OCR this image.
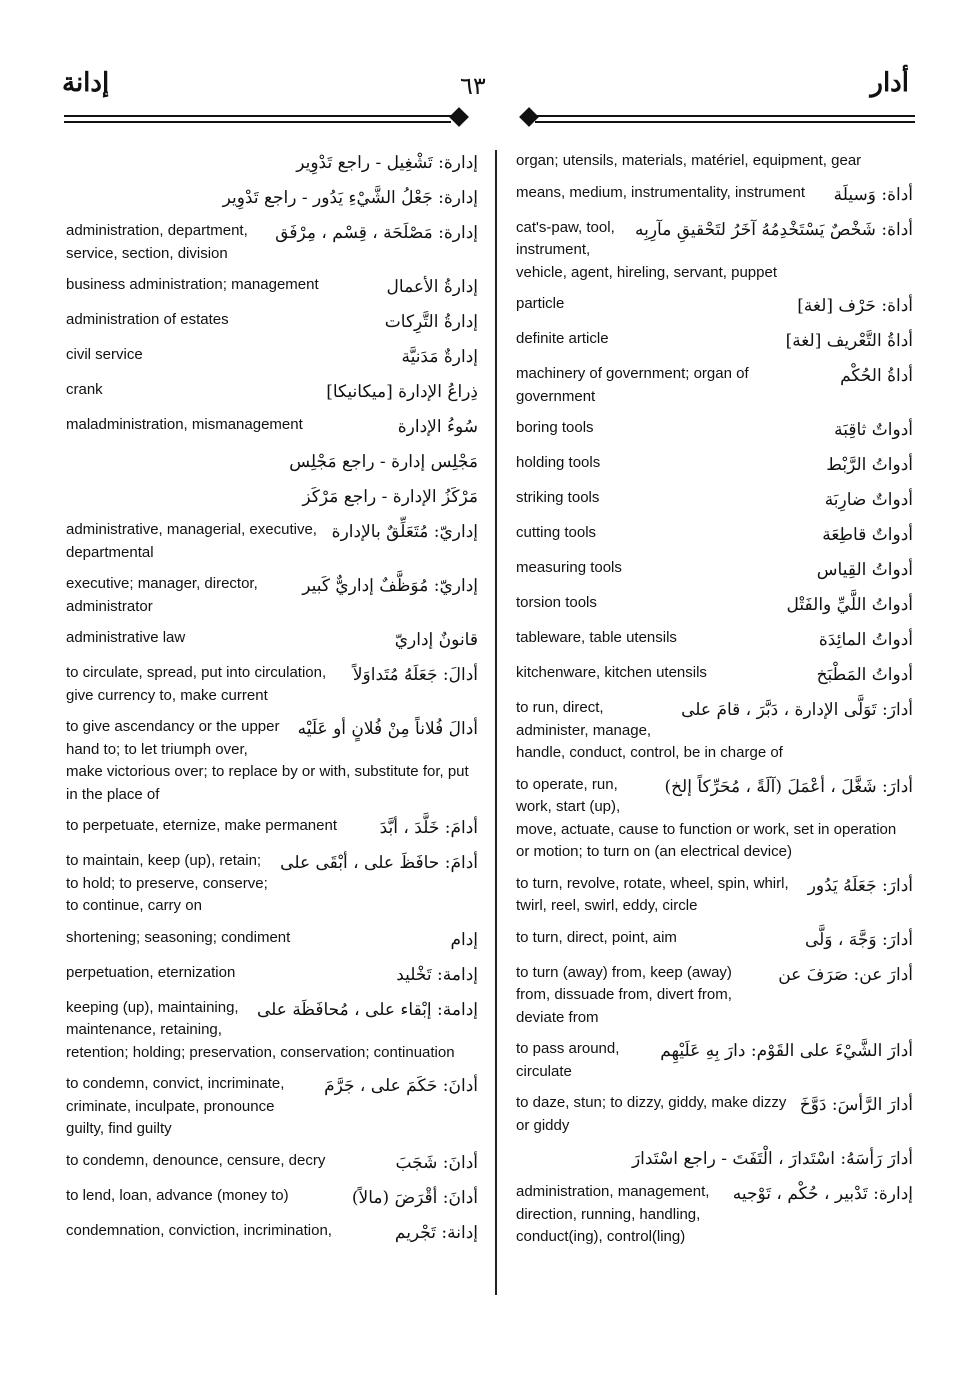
إدانة	٦٣	أدار
إدارة: تَشْغِيل - راجع تَدْوِير
إدارة: جَعْلُ الشَّيْءِ يَدُور - راجع تَدْوِير
إدارة: مَصْلَحَة ، قِسْم ، مِرْفَق
administration, department, service, section, division
إدارةُ الأعمال
business administration; management
إدارةُ التَّرِكات
administration of estates
إدارةٌ مَدَنيَّة
civil service
ذِراعُ الإدارة [ميكانيكا]
crank
سُوءُ الإدارة
maladministration, mismanagement
مَجْلِس إدارة - راجع مَجْلِس
مَرْكَزُ الإدارة - راجع مَرْكَز
إداريّ: مُتَعَلِّقٌ بالإدارة
administrative, managerial, executive, departmental
إداريّ: مُوَظَّفٌ إداريٌّ كَبير
executive; manager, director, administrator
قانونٌ إداريّ
administrative law
أدالَ: جَعَلَهُ مُتَداوَلاً
to circulate, spread, put into circulation, give currency to, make current
أدالَ فُلاناً مِنْ فُلانٍ أو عَلَيْه
to give ascendancy or the upper hand to; to let triumph over, make victorious over; to replace by or with, substitute for, put in the place of
أدامَ: خَلَّدَ ، أبَّدَ
to perpetuate, eternize, make permanent
أدامَ: حافَظَ على ، أبْقَى على
to maintain, keep (up), retain; to hold; to preserve, conserve; to continue, carry on
إدام
shortening; seasoning; condiment
إدامة: تَخْليد
perpetuation, eternization
إدامة: إبْقاء على ، مُحافَظَة على
keeping (up), maintaining, maintenance, retaining, retention; holding; preservation, conservation; continuation
أدانَ: حَكَمَ على ، جَرَّمَ
to condemn, convict, incriminate, criminate, inculpate, pronounce guilty, find guilty
أدانَ: شَجَبَ
to condemn, denounce, censure, decry
أدانَ: أقْرَضَ (مالاً)
to lend, loan, advance (money to)
إدانة: تَجْريم
condemnation, conviction, incrimination,
organ; utensils, materials, matériel, equipment, gear
أداة: وَسيلَة
means, medium, instrumentality, instrument
أداة: شَخْصٌ يَسْتَخْدِمُهُ آخَرُ لتَحْقيقِ مآرِبِه
cat's-paw, tool, instrument, vehicle, agent, hireling, servant, puppet
أداة: حَرْف [لغة]
particle
أداةُ التَّعْريف [لغة]
definite article
أداةُ الحُكْم
machinery of government; organ of government
أدواتٌ ثاقِبَة
boring tools
أدواتُ الرَّبْط
holding tools
أدواتٌ ضارِبَة
striking tools
أدواتٌ قاطِعَة
cutting tools
أدواتُ القِياس
measuring tools
أدواتُ اللَّيِّ والفَتْل
torsion tools
أدواتُ المائِدَة
tableware, table utensils
أدواتُ المَطْبَخ
kitchenware, kitchen utensils
أدارَ: تَوَلَّى الإدارة ، دَبَّرَ ، قامَ على
to run, direct, administer, manage, handle, conduct, control, be in charge of
أدارَ: شَغَّلَ ، أعْمَلَ (آلَةً ، مُحَرِّكاً إلخ)
to operate, run, work, start (up), move, actuate, cause to function or work, set in operation or motion; to turn on (an electrical device)
أدارَ: جَعَلَهُ يَدُور
to turn, revolve, rotate, wheel, spin, whirl, twirl, reel, swirl, eddy, circle
أدارَ: وَجَّهَ ، وَلَّى
to turn, direct, point, aim
أدارَ عن: صَرَفَ عن
to turn (away) from, keep (away) from, dissuade from, divert from, deviate from
أدارَ الشَّيْءَ على القَوْم: دارَ بِهِ عَلَيْهِم
to pass around, circulate
أدارَ الرَّأسَ: دَوَّخَ
to daze, stun; to dizzy, giddy, make dizzy or giddy
أدارَ رَأسَهُ: اسْتَدارَ ، الْتَفَتَ - راجع اسْتَدارَ
إدارة: تَدْبير ، حُكْم ، تَوْجيه
administration, management, direction, running, handling, conduct(ing), control(ling)
